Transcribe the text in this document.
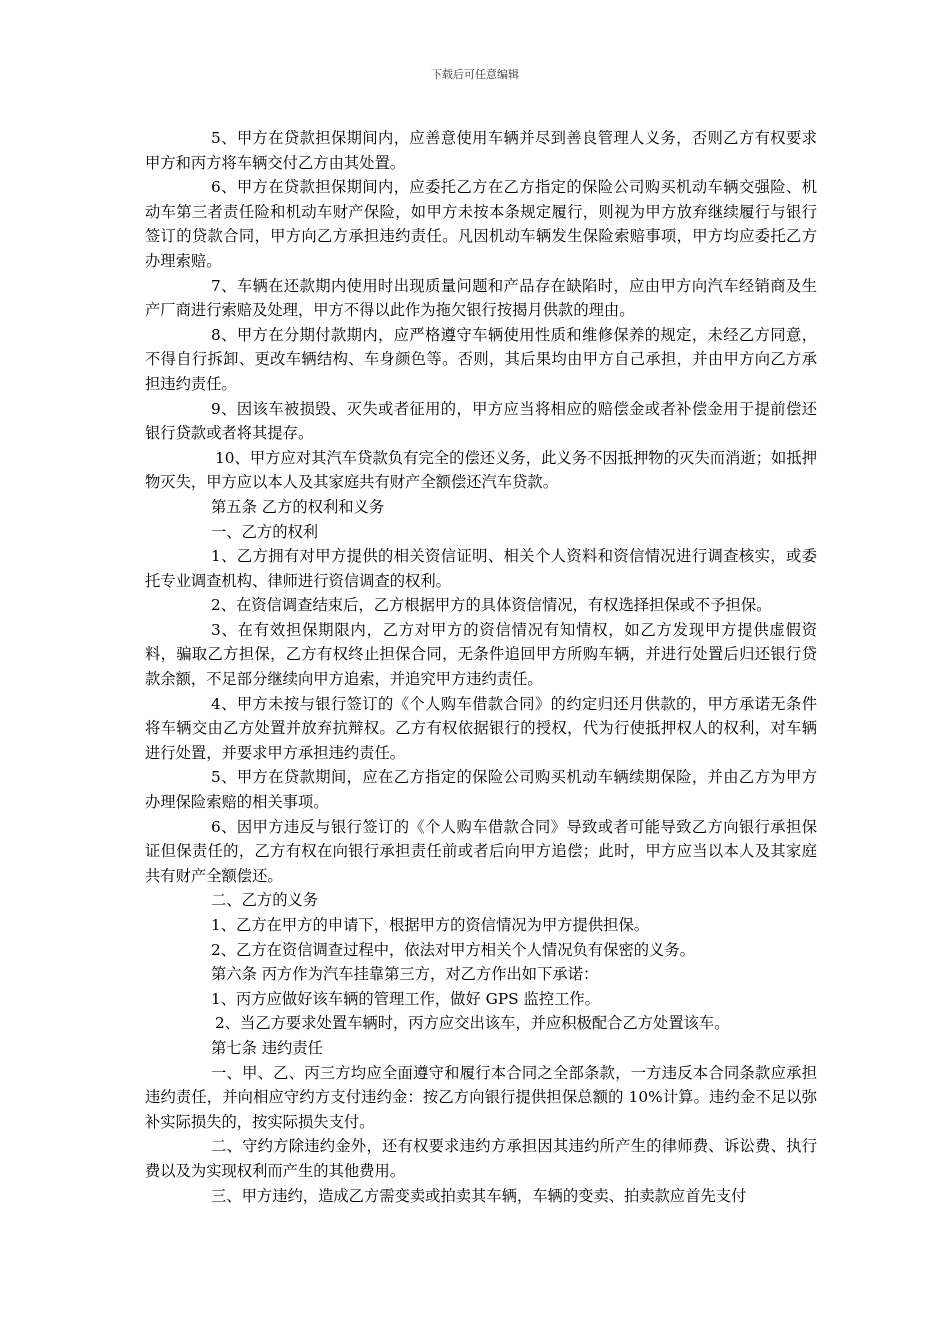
下载后可任意编辑

5、甲方在贷款担保期间内，应善意使用车辆并尽到善良管理人义务，否则乙方有权要求甲方和丙方将车辆交付乙方由其处置。

6、甲方在贷款担保期间内，应委托乙方在乙方指定的保险公司购买机动车辆交强险、机动车第三者责任险和机动车财产保险，如甲方未按本条规定履行，则视为甲方放弃继续履行与银行签订的贷款合同，甲方向乙方承担违约责任。凡因机动车辆发生保险索赔事项，甲方均应委托乙方办理索赔。

7、车辆在还款期内使用时出现质量问题和产品存在缺陷时，应由甲方向汽车经销商及生产厂商进行索赔及处理，甲方不得以此作为拖欠银行按揭月供款的理由。

8、甲方在分期付款期内，应严格遵守车辆使用性质和维修保养的规定，未经乙方同意，不得自行拆卸、更改车辆结构、车身颜色等。否则，其后果均由甲方自己承担，并由甲方向乙方承担违约责任。

9、因该车被损毁、灭失或者征用的，甲方应当将相应的赔偿金或者补偿金用于提前偿还银行贷款或者将其提存。

10、甲方应对其汽车贷款负有完全的偿还义务，此义务不因抵押物的灭失而消逝；如抵押物灭失，甲方应以本人及其家庭共有财产全额偿还汽车贷款。

第五条 乙方的权利和义务

一、乙方的权利

1、乙方拥有对甲方提供的相关资信证明、相关个人资料和资信情况进行调查核实，或委托专业调查机构、律师进行资信调查的权利。

2、在资信调查结束后，乙方根据甲方的具体资信情况，有权选择担保或不予担保。

3、在有效担保期限内，乙方对甲方的资信情况有知情权，如乙方发现甲方提供虚假资料，骗取乙方担保，乙方有权终止担保合同，无条件追回甲方所购车辆，并进行处置后归还银行贷款余额，不足部分继续向甲方追索，并追究甲方违约责任。

4、甲方未按与银行签订的《个人购车借款合同》的约定归还月供款的，甲方承诺无条件将车辆交由乙方处置并放弃抗辩权。乙方有权依据银行的授权，代为行使抵押权人的权利，对车辆进行处置，并要求甲方承担违约责任。

5、甲方在贷款期间，应在乙方指定的保险公司购买机动车辆续期保险，并由乙方为甲方办理保险索赔的相关事项。

6、因甲方违反与银行签订的《个人购车借款合同》导致或者可能导致乙方向银行承担保证但保责任的，乙方有权在向银行承担责任前或者后向甲方追偿；此时，甲方应当以本人及其家庭共有财产全额偿还。

二、乙方的义务

1、乙方在甲方的申请下，根据甲方的资信情况为甲方提供担保。

2、乙方在资信调查过程中，依法对甲方相关个人情况负有保密的义务。

第六条 丙方作为汽车挂靠第三方，对乙方作出如下承诺：

1、丙方应做好该车辆的管理工作，做好 GPS 监控工作。

2、当乙方要求处置车辆时，丙方应交出该车，并应积极配合乙方处置该车。

第七条 违约责任

一、甲、乙、丙三方均应全面遵守和履行本合同之全部条款，一方违反本合同条款应承担违约责任，并向相应守约方支付违约金：按乙方向银行提供担保总额的 10%计算。违约金不足以弥补实际损失的，按实际损失支付。

二、守约方除违约金外，还有权要求违约方承担因其违约所产生的律师费、诉讼费、执行费以及为实现权利而产生的其他费用。

三、甲方违约，造成乙方需变卖或拍卖其车辆，车辆的变卖、拍卖款应首先支付
